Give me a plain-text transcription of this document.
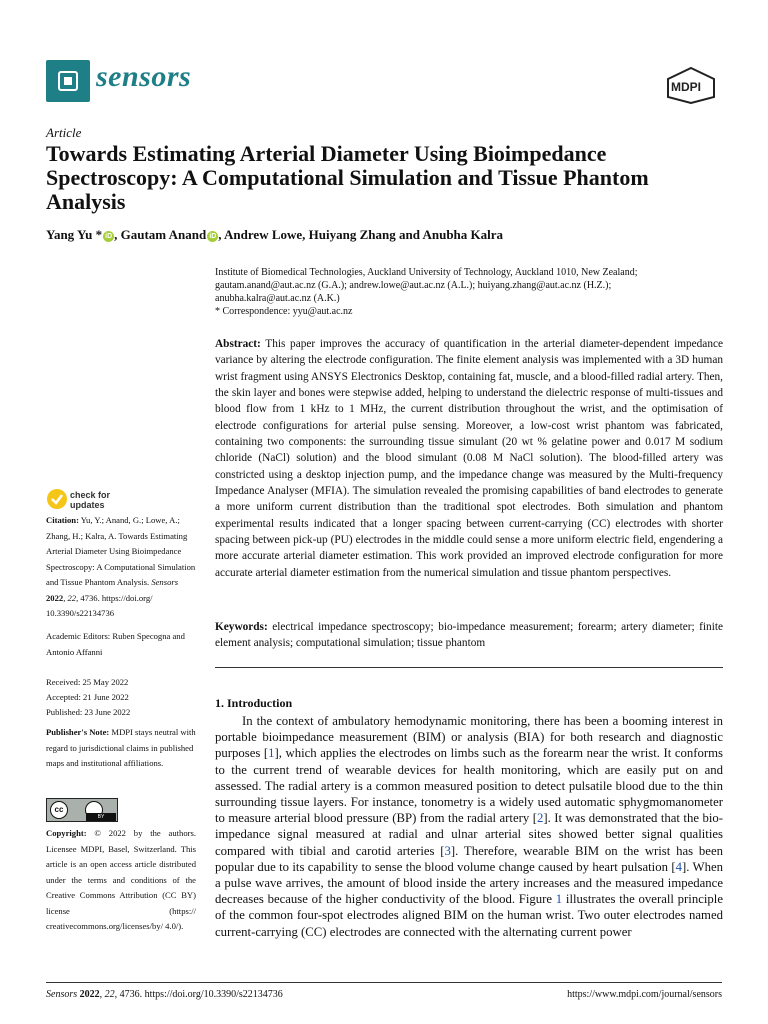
sensors	MDPI
Article
Towards Estimating Arterial Diameter Using Bioimpedance Spectroscopy: A Computational Simulation and Tissue Phantom Analysis
Yang Yu * iD , Gautam Anand iD , Andrew Lowe, Huiyang Zhang and Anubha Kalra

Institute of Biomedical Technologies, Auckland University of Technology, Auckland 1010, New Zealand;

gautam.anand@aut.ac.nz (G.A.); andrew.lowe@aut.ac.nz (A.L.); huiyang.zhang@aut.ac.nz (H.Z.);

anubha.kalra@aut.ac.nz (A.K.)

* Correspondence: yyu@aut.ac.nz

Abstract: This paper improves the accuracy of quantification in the arterial diameter-dependent impedance variance by altering the electrode configuration. The finite element analysis was implemented with a 3D human wrist fragment using ANSYS Electronics Desktop, containing fat, muscle, and a blood-filled radial artery. Then, the skin layer and bones were stepwise added, helping to understand the dielectric response of multi-tissues and blood flow from 1 kHz to 1 MHz, the current distribution throughout the wrist, and the optimisation of electrode configurations for arterial pulse sensing. Moreover, a low-cost wrist phantom was fabricated, containing two components: the surrounding tissue simulant (20 wt % gelatine power and 0.017 M sodium chloride (NaCl) solution) and the blood simulant (0.08 M NaCl solution). The blood-filled artery was constricted using a desktop injection pump, and the impedance change was measured by the Multi-frequency Impedance Analyser (MFIA). The simulation revealed the promising capabilities of band electrodes to generate a more uniform current distribution than the traditional spot electrodes. Both simulation and phantom experimental results indicated that a longer spacing between current-carrying (CC) electrodes with shorter spacing between pick-up (PU) electrodes in the middle could sense a more uniform electric field, engendering a more accurate arterial diameter estimation. This work provided an improved electrode configuration for more accurate arterial diameter estimation from the numerical simulation and tissue phantom perspectives.

Keywords: electrical impedance spectroscopy; bio-impedance measurement; forearm; artery diameter; finite element analysis; computational simulation; tissue phantom

1. Introduction

In the context of ambulatory hemodynamic monitoring, there has been a booming interest in portable bioimpedance measurement (BIM) or analysis (BIA) for both research and diagnostic purposes [1], which applies the electrodes on limbs such as the forearm near the wrist. It conforms to the current trend of wearable devices for health monitoring, which are easily put on and assessed. The radial artery is a common measured position to detect pulsatile blood due to the thin surrounding tissue layers. For instance, tonometry is a widely used automatic sphygmomanometer to measure arterial blood pressure (BP) from the radial artery [2]. It was demonstrated that the bio-impedance signal measured at radial and ulnar arterial sites showed better signal qualities compared with tibial and carotid arteries [3]. Therefore, wearable BIM on the wrist has been popular due to its capability to sense the blood volume change caused by heart pulsation [4]. When a pulse wave arrives, the amount of blood inside the artery increases and the measured impedance decreases because of the higher conductivity of the blood. Figure 1 illustrates the overall principle of the common four-spot electrodes aligned BIM on the human wrist. Two outer electrodes named current-carrying (CC) electrodes are connected with the alternating current power

check for
updates

Citation: Yu, Y.; Anand, G.; Lowe, A.; Zhang, H.; Kalra, A. Towards Estimating Arterial Diameter Using Bioimpedance Spectroscopy: A Computational Simulation and Tissue Phantom Analysis. Sensors 2022, 22, 4736. https://doi.org/ 10.3390/s22134736

Academic Editors: Ruben Specogna and Antonio Affanni

Received: 25 May 2022

Accepted: 21 June 2022

Published: 23 June 2022

Publisher's Note: MDPI stays neutral with regard to jurisdictional claims in published maps and institutional affiliations.

cc
BY

Copyright: © 2022 by the authors. Licensee MDPI, Basel, Switzerland. This article is an open access article distributed under the terms and conditions of the Creative Commons Attribution (CC BY) license (https:// creativecommons.org/licenses/by/ 4.0/).

Sensors 2022, 22, 4736. https://doi.org/10.3390/s22134736	https://www.mdpi.com/journal/sensors
